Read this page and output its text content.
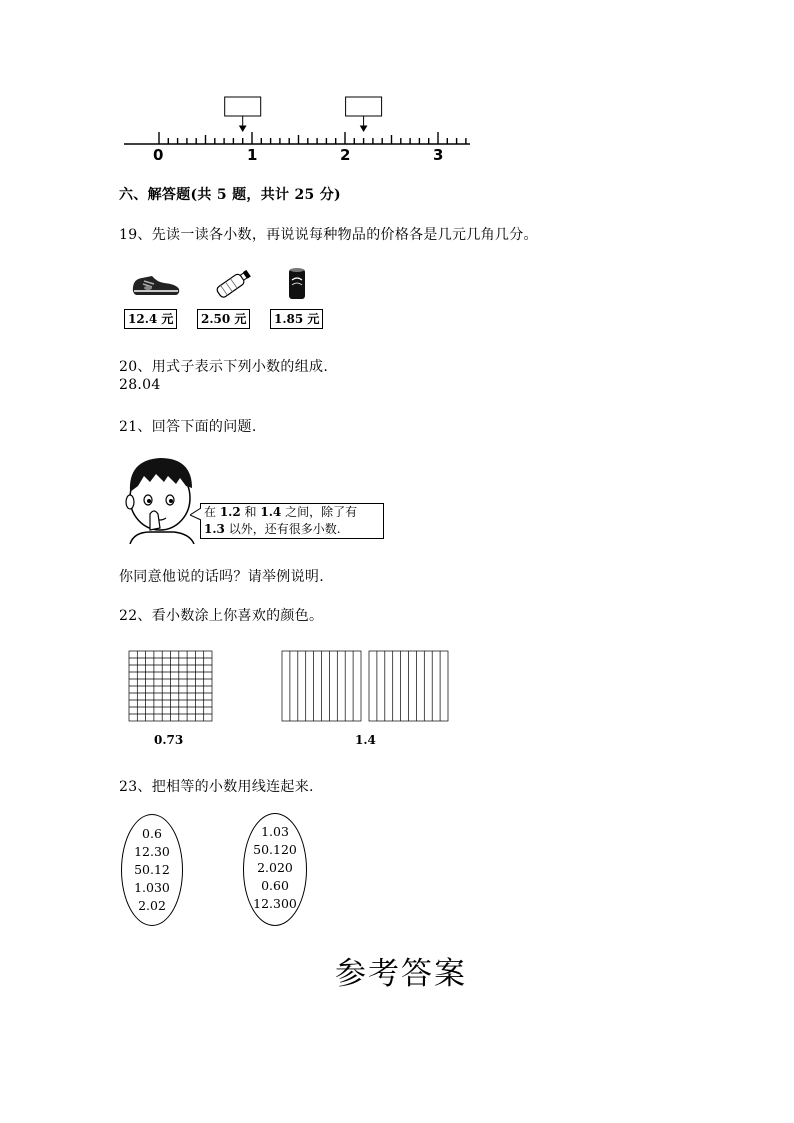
0	1	2	3
六、解答题(共 5 题，共计 25 分)
19、先读一读各小数，再说说每种物品的价格各是几元几角几分。
12.4 元	2.50 元	1.85 元
20、用式子表示下列小数的组成.
28.04
21、回答下面的问题.
在 1.2 和 1.4 之间，除了有
1.3 以外，还有很多小数.
你同意他说的话吗？请举例说明.
22、看小数涂上你喜欢的颜色。
0.73	1.4
23、把相等的小数用线连起来.
0.6
12.30
50.12
1.030
2.02
1.03
50.120
2.020
0.60
12.300
参考答案
